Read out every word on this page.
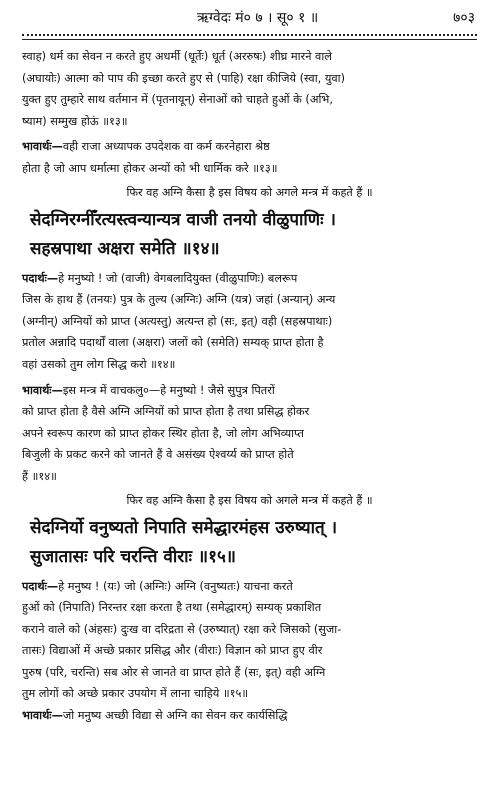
ऋग्वेदः मं० ७ । सू० १ ॥	७०३

स्वाह) धर्म का सेवन न करते हुए अधर्मी (धूर्तेः) धूर्त (अररुषः) शीघ्र मारने वाले

(अघायोः) आत्मा को पाप की इच्छा करते हुए से (पाहि) रक्षा कीजिये (स्वा, युवा)

युक्त हुए तुम्हारे साथ वर्तमान में (पृतनायून्) सेनाओं को चाहते हुओं के (अभि,

ष्याम) सम्मुख होऊं ॥१३॥

भावार्थः—वही राजा अध्यापक उपदेशक वा कर्म करनेहारा श्रेष्ठ

होता है जो आप धर्मात्मा होकर अन्यों को भी धार्मिक करे ॥१३॥

फिर वह अग्नि कैसा है इस विषय को अगले मन्त्र में कहते हैं ॥

सेदग्निरग्नीँरत्यस्त्वन्यान्यत्र वाजी तनयो वीळुपाणिः ।

सहस्रपाथा अक्षरा समेति ॥१४॥

पदार्थः—हे मनुष्यो ! जो (वाजी) वेगबलादियुक्त (वीळुपाणिः) बलरूप

जिस के हाथ हैं (तनयः) पुत्र के तुल्य (अग्निः) अग्नि (यत्र) जहां (अन्यान्) अन्य

(अग्नीन्) अग्नियों को प्राप्त (अत्यस्तु) अत्यन्त हो (सः, इत्) वही (सहस्रपाथाः)

प्रतोल अन्नादि पदार्थों वाला (अक्षरा) जलों को (समेति) सम्यक् प्राप्त होता है

वहां उसको तुम लोग सिद्ध करो ॥१४॥

भावार्थः—इस मन्त्र में वाचकलु०—हे मनुष्यो ! जैसे सुपुत्र पितरों

को प्राप्त होता है वैसे अग्नि अग्नियों को प्राप्त होता है तथा प्रसिद्ध होकर

अपने स्वरूप कारण को प्राप्त होकर स्थिर होता है, जो लोग अभिव्याप्त

बिजुली के प्रकट करने को जानते हैं वे असंख्य ऐश्वर्य्य को प्राप्त होते

हैं ॥१४॥

फिर वह अग्नि कैसा है इस विषय को अगले मन्त्र में कहते हैं ॥

सेदग्निर्यो वनुष्यतो निपाति समेद्धारमंहस उरुष्यात् ।

सुजातासः परि चरन्ति वीराः ॥१५॥

पदार्थः—हे मनुष्य ! (यः) जो (अग्निः) अग्नि (वनुष्यतः) याचना करते

हुओं को (निपाति) निरन्तर रक्षा करता है तथा (समेद्धारम्) सम्यक् प्रकाशित

कराने वाले को (अंहसः) दुःख वा दरिद्रता से (उरुष्यात्) रक्षा करे जिसको (सुजा-

तासः) विद्याओं में अच्छे प्रकार प्रसिद्ध और (वीराः) विज्ञान को प्राप्त हुए वीर

पुरुष (परि, चरन्ति) सब ओर से जानते वा प्राप्त होते हैं (सः, इत्) वही अग्नि

तुम लोगों को अच्छे प्रकार उपयोग में लाना चाहिये ॥१५॥

भावार्थः—जो मनुष्य अच्छी विद्या से अग्नि का सेवन कर कार्यसिद्धि
